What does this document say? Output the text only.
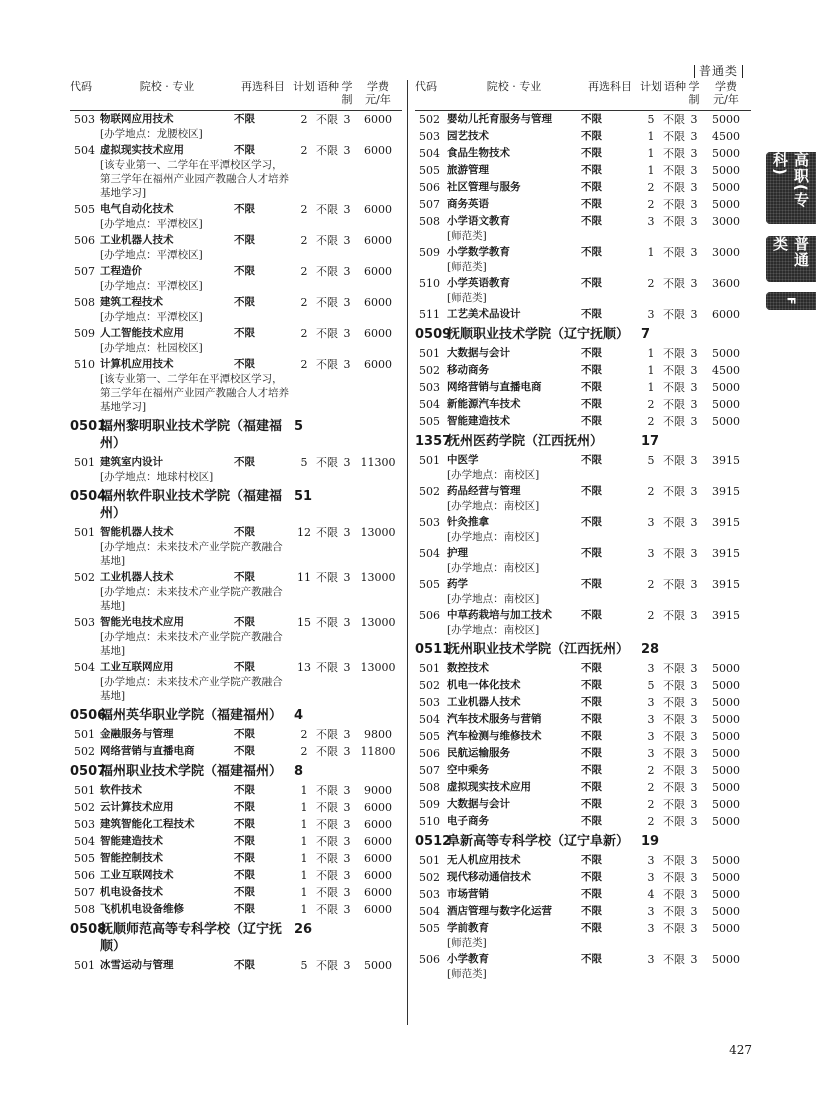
普通类
高职(专科)
普通类
F
代码	院校 · 专业	再选科目 计划 语种 学
制
学费
元/年
503 物联网应用技术	不限	2 不限 3	6000
[办学地点：龙腰校区]
504 虚拟现实技术应用	不限	2 不限 3	6000
[该专业第一、二学年在平潭校区学习，第三学年在福州产业园产教融合人才培养基地学习]
505 电气自动化技术	不限	2 不限 3	6000
[办学地点：平潭校区]
506 工业机器人技术	不限	2 不限 3	6000
[办学地点：平潭校区]
507 工程造价	不限	2 不限 3	6000
[办学地点：平潭校区]
508 建筑工程技术	不限	2 不限 3	6000
[办学地点：平潭校区]
509 人工智能技术应用	不限	2 不限 3	6000
[办学地点：杜园校区]
510 计算机应用技术	不限	2 不限 3	6000
[该专业第一、二学年在平潭校区学习，第三学年在福州产业园产教融合人才培养基地学习]
0501
福州黎明职业技术学院（福建福州）
5
501 建筑室内设计	不限	5 不限 3 11300
[办学地点：地球村校区]
0504
福州软件职业技术学院（福建福州）
51
501 智能机器人技术	不限	12 不限 3 13000
[办学地点：未来技术产业学院产教融合基地]
502 工业机器人技术	不限	11 不限 3 13000
[办学地点：未来技术产业学院产教融合基地]
503 智能光电技术应用	不限	15 不限 3 13000
[办学地点：未来技术产业学院产教融合基地]
504 工业互联网应用	不限	13 不限 3 13000
[办学地点：未来技术产业学院产教融合基地]
0506
福州英华职业学院（福建福州） 4
501 金融服务与管理	不限	2 不限 3	9800
502 网络营销与直播电商	不限	2 不限 3 11800
0507
福州职业技术学院（福建福州） 8
501 软件技术	不限	1 不限 3	9000
502 云计算技术应用	不限	1 不限 3	6000
503 建筑智能化工程技术	不限	1 不限 3	6000
504 智能建造技术	不限	1 不限 3	6000
505 智能控制技术	不限	1 不限 3	6000
506 工业互联网技术	不限	1 不限 3	6000
507 机电设备技术	不限	1 不限 3	6000
508 飞机机电设备维修	不限	1 不限 3	6000
0508
抚顺师范高等专科学校（辽宁抚顺）
26
501 冰雪运动与管理	不限	5 不限 3	5000
代码	院校 · 专业	再选科目 计划 语种 学
制
学费
元/年
502 婴幼儿托育服务与管理	不限	5 不限 3	5000
503 园艺技术	不限	1 不限 3	4500
504 食品生物技术	不限	1 不限 3	5000
505 旅游管理	不限	1 不限 3	5000
506 社区管理与服务	不限	2 不限 3	5000
507 商务英语	不限	2 不限 3	5000
508 小学语文教育	不限	3 不限 3	3000
[师范类]
509 小学数学教育	不限	1 不限 3	3000
[师范类]
510 小学英语教育	不限	2 不限 3	3600
[师范类]
511 工艺美术品设计	不限	3 不限 3	6000
0509
抚顺职业技术学院（辽宁抚顺） 7
501 大数据与会计	不限	1 不限 3	5000
502 移动商务	不限	1 不限 3	4500
503 网络营销与直播电商	不限	1 不限 3	5000
504 新能源汽车技术	不限	2 不限 3	5000
505 智能建造技术	不限	2 不限 3	5000
1357
抚州医药学院（江西抚州）	17
501 中医学	不限	5 不限 3	3915
[办学地点：南校区]
502 药品经营与管理	不限	2 不限 3	3915
[办学地点：南校区]
503 针灸推拿	不限	3 不限 3	3915
[办学地点：南校区]
504 护理	不限	3 不限 3	3915
[办学地点：南校区]
505 药学	不限	2 不限 3	3915
[办学地点：南校区]
506 中草药栽培与加工技术	不限	2 不限 3	3915
[办学地点：南校区]
0511
抚州职业技术学院（江西抚州） 28
501 数控技术	不限	3 不限 3	5000
502 机电一体化技术	不限	5 不限 3	5000
503 工业机器人技术	不限	3 不限 3	5000
504 汽车技术服务与营销	不限	3 不限 3	5000
505 汽车检测与维修技术	不限	3 不限 3	5000
506 民航运输服务	不限	3 不限 3	5000
507 空中乘务	不限	2 不限 3	5000
508 虚拟现实技术应用	不限	2 不限 3	5000
509 大数据与会计	不限	2 不限 3	5000
510 电子商务	不限	2 不限 3	5000
0512
阜新高等专科学校（辽宁阜新） 19
501 无人机应用技术	不限	3 不限 3	5000
502 现代移动通信技术	不限	3 不限 3	5000
503 市场营销	不限	4 不限 3	5000
504 酒店管理与数字化运营	不限	3 不限 3	5000
505 学前教育	不限	3 不限 3	5000
[师范类]
506 小学教育	不限	3 不限 3	5000
[师范类]
427
